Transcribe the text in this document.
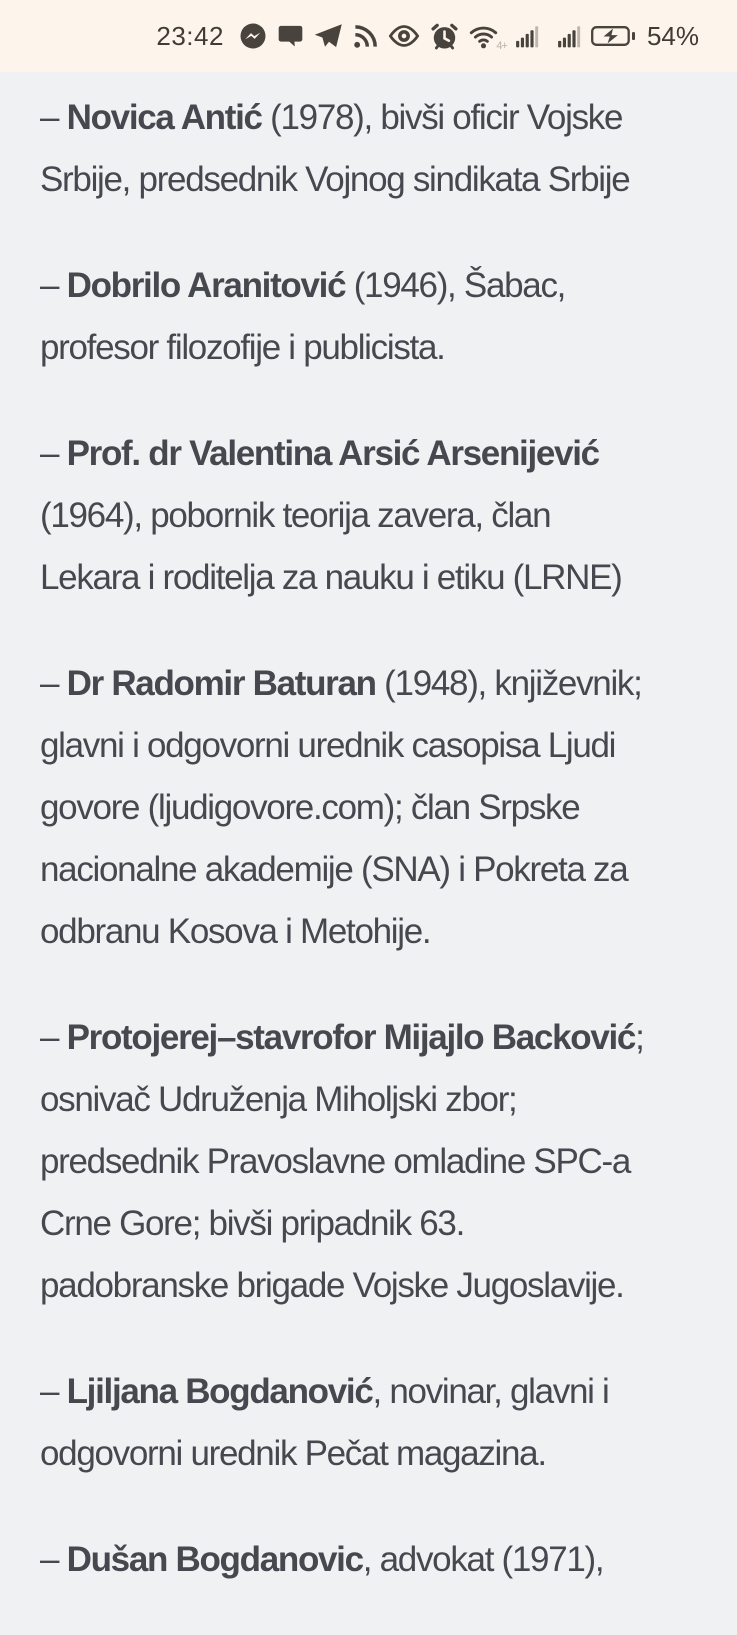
23:42	4+	54%
– Novica Antić (1978), bivši oficir Vojske
Srbije, predsednik Vojnog sindikata Srbije
– Dobrilo Aranitović (1946), Šabac,
profesor filozofije i publicista.
– Prof. dr Valentina Arsić Arsenijević
(1964), pobornik teorija zavera, član
Lekara i roditelja za nauku i etiku (LRNE)
– Dr Radomir Baturan (1948), književnik;
glavni i odgovorni urednik casopisa Ljudi
govore (ljudigovore.com); član Srpske
nacionalne akademije (SNA) i Pokreta za
odbranu Kosova i Metohije.
– Protojerej–stavrofor Mijajlo Backović;
osnivač Udruženja Miholjski zbor;
predsednik Pravoslavne omladine SPC-a
Crne Gore; bivši pripadnik 63.
padobranske brigade Vojske Jugoslavije.
– Ljiljana Bogdanović, novinar, glavni i
odgovorni urednik Pečat magazina.
– Dušan Bogdanovic, advokat (1971),
